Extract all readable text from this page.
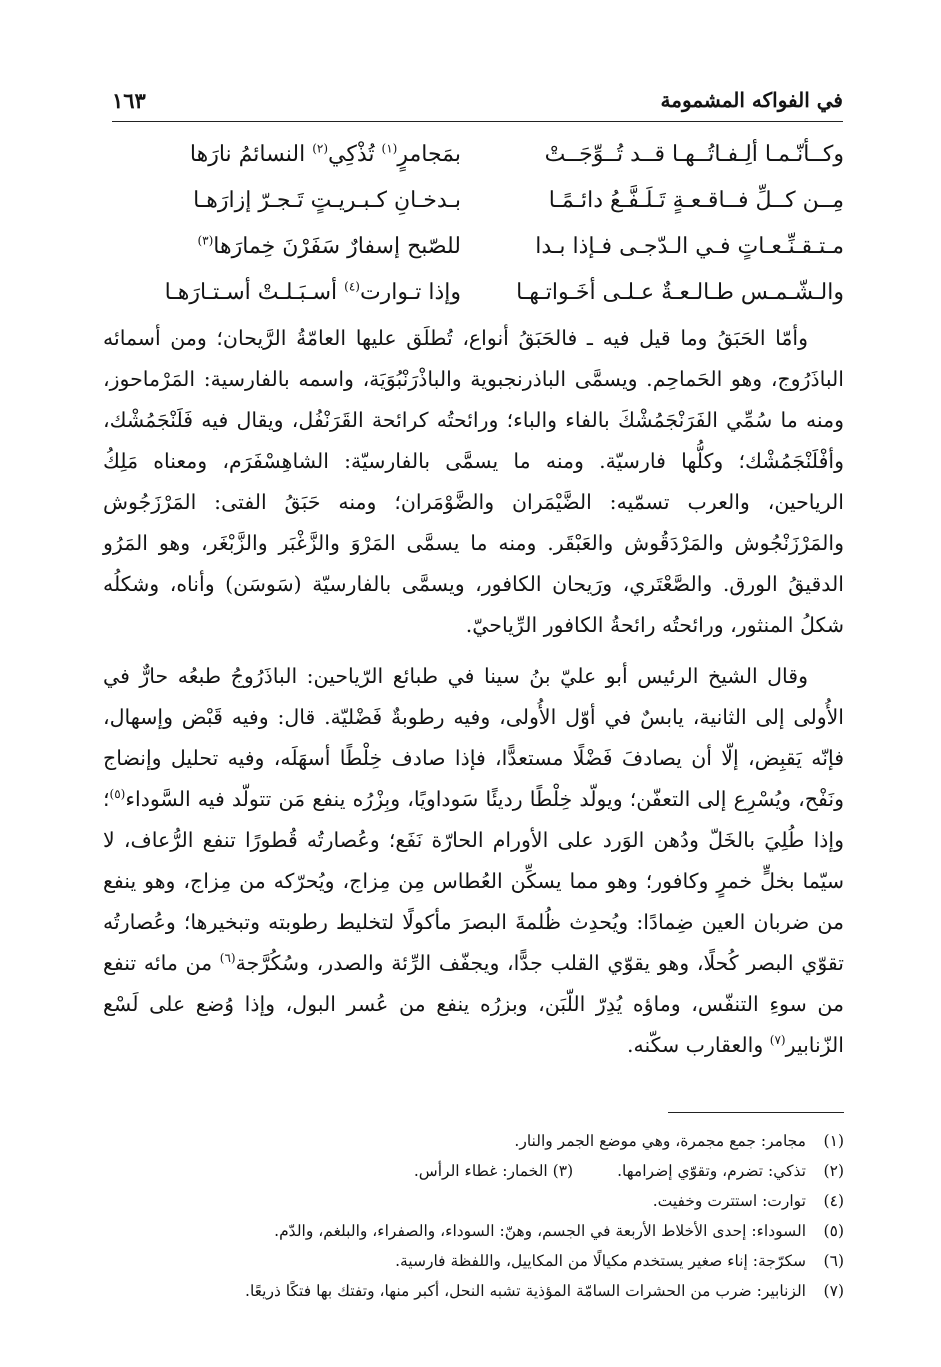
في الفواكه المشمومة
١٦٣
وكــأنّـمـا ألِـفـاتُــهـا قــد تُــوِّجَــتْ
بمَجامرٍ$^{(١)}$ تُذْكِي$^{(٢)}$ النسائمُ نارَها
مِــن كــلِّ فــاقـعـةٍ تَـلَـفَّـعُ دائـمًـا
بـدخـانِ كـبـريـتٍ تَـجـرّ إزارَهـا
مـتـقـنِّـعـاتٍ فـي الـدّجـى فـإذا بـدا
للصّبح إسفارٌ سَفَرْنَ خِمارَها$^{(٣)}$
والـشّـمـس طـالـعـةٌ عـلـى أخَـواتـهـا
وإذا تـوارت$^{(٤)}$ أسـبَـلـتْ أسـتـارَهـا

وأمّا الحَبَقُ وما قيل فيه ـ فالحَبَقُ أنواع، تُطلَق عليها العامّةُ الرَّيحان؛ ومن أسمائه الباذَرُوج، وهو الحَماحِم. ويسمَّى الباذرنجبوية والباذْرَنْبُوَيَة، واسمه بالفارسية: المَرْماحوز، ومنه ما سُمِّي الفَرَنْجَمُشْكَ بالفاء والباء؛ ورائحتُه كرائحة القَرَنْفُل، ويقال فيه فَلَنْجَمُشْك، وأفْلَنْجَمُشْك؛ وكلُّها فارسيّة. ومنه ما يسمَّى بالفارسيّة: الشاهِسْفَرَم، ومعناه مَلِكُ الرياحين، والعرب تسمّيه: الضَّيْمَران والضَّوْمَران؛ ومنه حَبَقُ الفتى: المَرْزَجُوش والمَرْزَنْجُوش والمَرْدَقُوش والعَبْقَر. ومنه ما يسمَّى المَرْوَ والزَّغْبَر والزَّبْغَر، وهو المَرُو الدقيقُ الورق. والصَّعْتَري، ورَيحان الكافور، ويسمَّى بالفارسيّة (سَوسَن) وأناه، وشكلُه شكلُ المنثور، ورائحتُه رائحةُ الكافور الرِّياحيّ.

وقال الشيخ الرئيس أبو عليّ بنُ سينا في طبائع الرّياحين: الباذَرُوجُ طبعُه حارٌّ في الأُولى إلى الثانية، يابسٌ في أوّل الأُولى، وفيه رطوبةٌ فَضْليّة. قال: وفيه قَبْض وإسهال، فإنّه يَقبِض، إلّا أن يصادفَ فَضْلًا مستعدًّا، فإذا صادف خِلْطًا أسهَلَه، وفيه تحليل وإنضاج ونَفْح، ويُسْرِع إلى التعفّن؛ ويولّد خِلْطًا رديئًا سَوداويًا، وبِزْرُه ينفع مَن تتولّد فيه السَّوداء$^{(٥)}$؛ وإذا طُلِيَ بالخَلّ ودُهن الوَرد على الأورام الحارّة نَفَع؛ وعُصارتُه قُطورًا تنفع الرُّعاف، لا سيّما بخلٍّ خمرٍ وكافور؛ وهو مما يسكِّن العُطاس مِن مِزاج، ويُحرّكه من مِزاج، وهو ينفع من ضربان العين ضِمادًا: ويُحدِث ظُلمةَ البصرَ مأكولًا لتخليط رطوبته وتبخيرها؛ وعُصارتُه تقوّي البصر كُحلًا، وهو يقوّي القلب جدًّا، ويجفّف الرِّئة والصدر، وسُكُرَّجة$^{(٦)}$ من مائه تنفع من سوءِ التنفّس، وماؤه يُدِرّ اللّبَن، وبزرُه ينفع من عُسر البول، وإذا وُضع على لَسْع الزّنابير$^{(٧)}$ والعقارب سكّنه.

(١)مجامر: جمع مجمرة، وهي موضع الجمر والنار.
(٢)تذكي: تضرم، وتقوّي إضرامها.(٣) الخمار: غطاء الرأس.
(٤)توارت: استترت وخفيت.
(٥)السوداء: إحدى الأخلاط الأربعة في الجسم، وهنّ: السوداء، والصفراء، والبلغم، والدّم.
(٦)سكرّجة: إناء صغير يستخدم مكيالًا من المكاييل، واللفظة فارسية.
(٧)الزنابير: ضرب من الحشرات السامّة المؤذية تشبه النحل، أكبر منها، وتفتك بها فتكًا ذريعًا.
